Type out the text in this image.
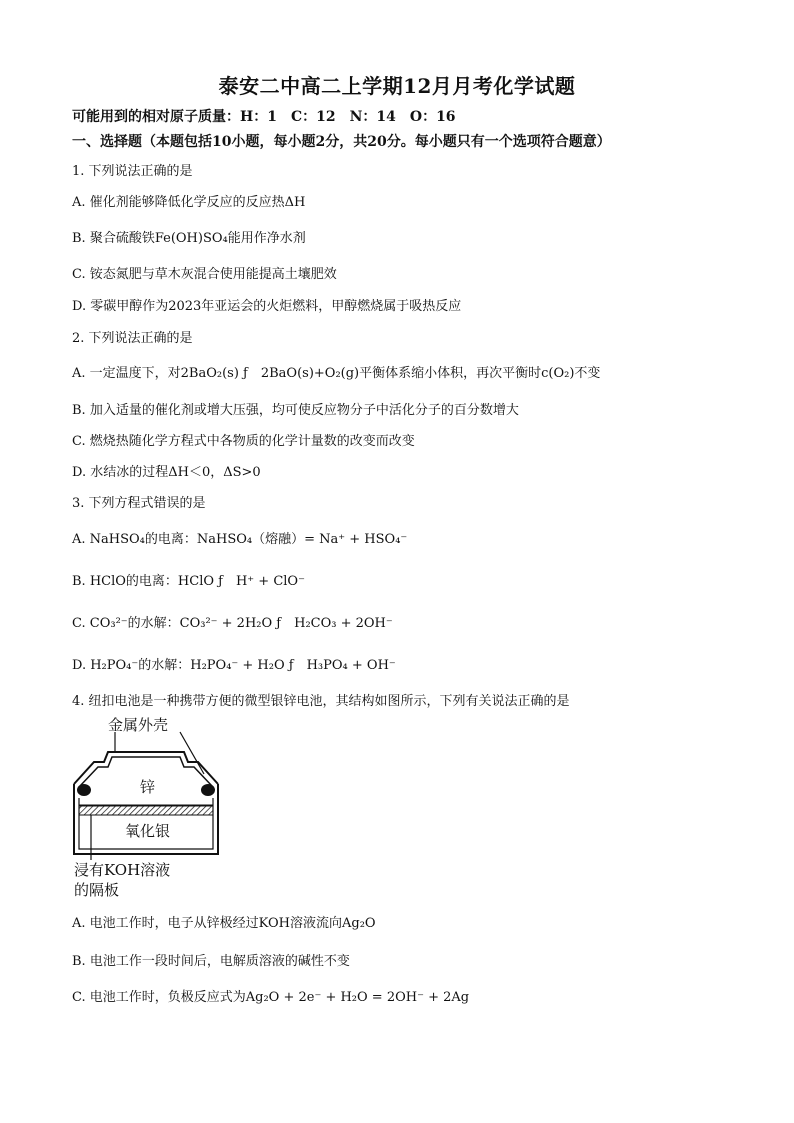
泰安二中高二上学期12月月考化学试题
可能用到的相对原子质量：H：1　C：12　N：14　O：16
一、选择题（本题包括10小题，每小题2分，共20分。每小题只有一个选项符合题意）
1. 下列说法正确的是
A. 催化剂能够降低化学反应的反应热ΔH
B. 聚合硫酸铁Fe(OH)SO₄能用作净水剂
C. 铵态氮肥与草木灰混合使用能提高土壤肥效
D. 零碳甲醇作为2023年亚运会的火炬燃料，甲醇燃烧属于吸热反应
2. 下列说法正确的是
A. 一定温度下，对2BaO₂(s) ƒ　2BaO(s)+O₂(g)平衡体系缩小体积，再次平衡时c(O₂)不变
B. 加入适量的催化剂或增大压强，均可使反应物分子中活化分子的百分数增大
C. 燃烧热随化学方程式中各物质的化学计量数的改变而改变
D. 水结冰的过程ΔH＜0，ΔS>0
3. 下列方程式错误的是
A. NaHSO₄的电离：NaHSO₄（熔融）= Na⁺ + HSO₄⁻
B. HClO的电离：HClO ƒ　H⁺ + ClO⁻
C. CO₃²⁻的水解：CO₃²⁻ + 2H₂O ƒ　H₂CO₃ + 2OH⁻
D. H₂PO₄⁻的水解：H₂PO₄⁻ + H₂O ƒ　H₃PO₄ + OH⁻
4. 纽扣电池是一种携带方便的微型银锌电池，其结构如图所示，下列有关说法正确的是
金属外壳
锌
氧化银
浸有KOH溶液
的隔板
A. 电池工作时，电子从锌极经过KOH溶液流向Ag₂O
B. 电池工作一段时间后，电解质溶液的碱性不变
C. 电池工作时，负极反应式为Ag₂O + 2e⁻ + H₂O = 2OH⁻ + 2Ag
